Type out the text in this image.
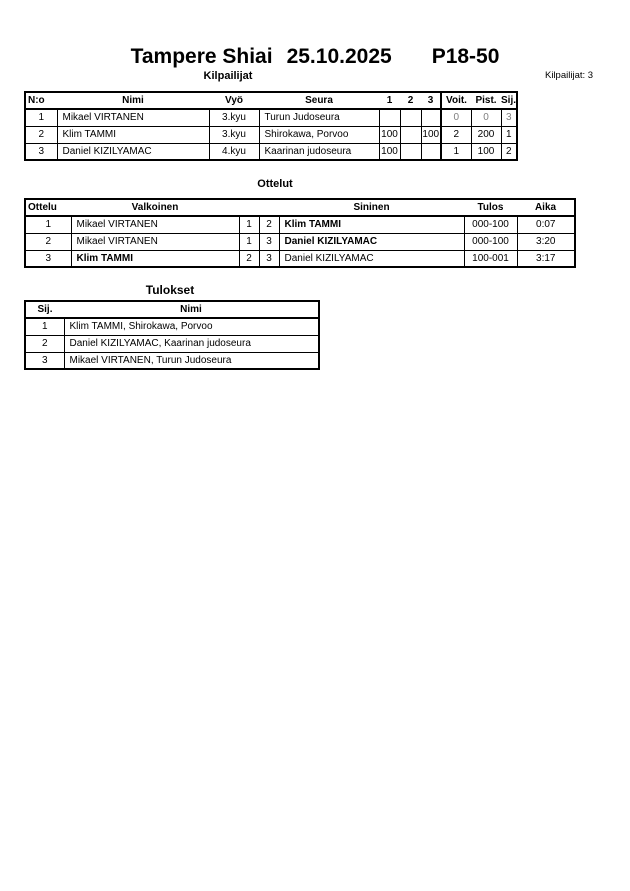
Tampere Shiai 25.10.2025 P18-50
Kilpailijat	Kilpailijat: 3
N:o	Nimi	Vyö	Seura	1	2	3	Voit.	Pist.	Sij.
1	Mikael VIRTANEN	3.kyu	Turun Judoseura				0	0	3
2	Klim TAMMI	3.kyu	Shirokawa, Porvoo	100		100	2	200	1
3	Daniel KIZILYAMAC	4.kyu	Kaarinan judoseura	100			1	100	2
Ottelut
Ottelu	Valkoinen			Sininen	Tulos	Aika
1	Mikael VIRTANEN	1	2	Klim TAMMI	000-100	0:07
2	Mikael VIRTANEN	1	3	Daniel KIZILYAMAC	000-100	3:20
3	Klim TAMMI	2	3	Daniel KIZILYAMAC	100-001	3:17
Tulokset
Sij.	Nimi
1	Klim TAMMI, Shirokawa, Porvoo
2	Daniel KIZILYAMAC, Kaarinan judoseura
3	Mikael VIRTANEN, Turun Judoseura
